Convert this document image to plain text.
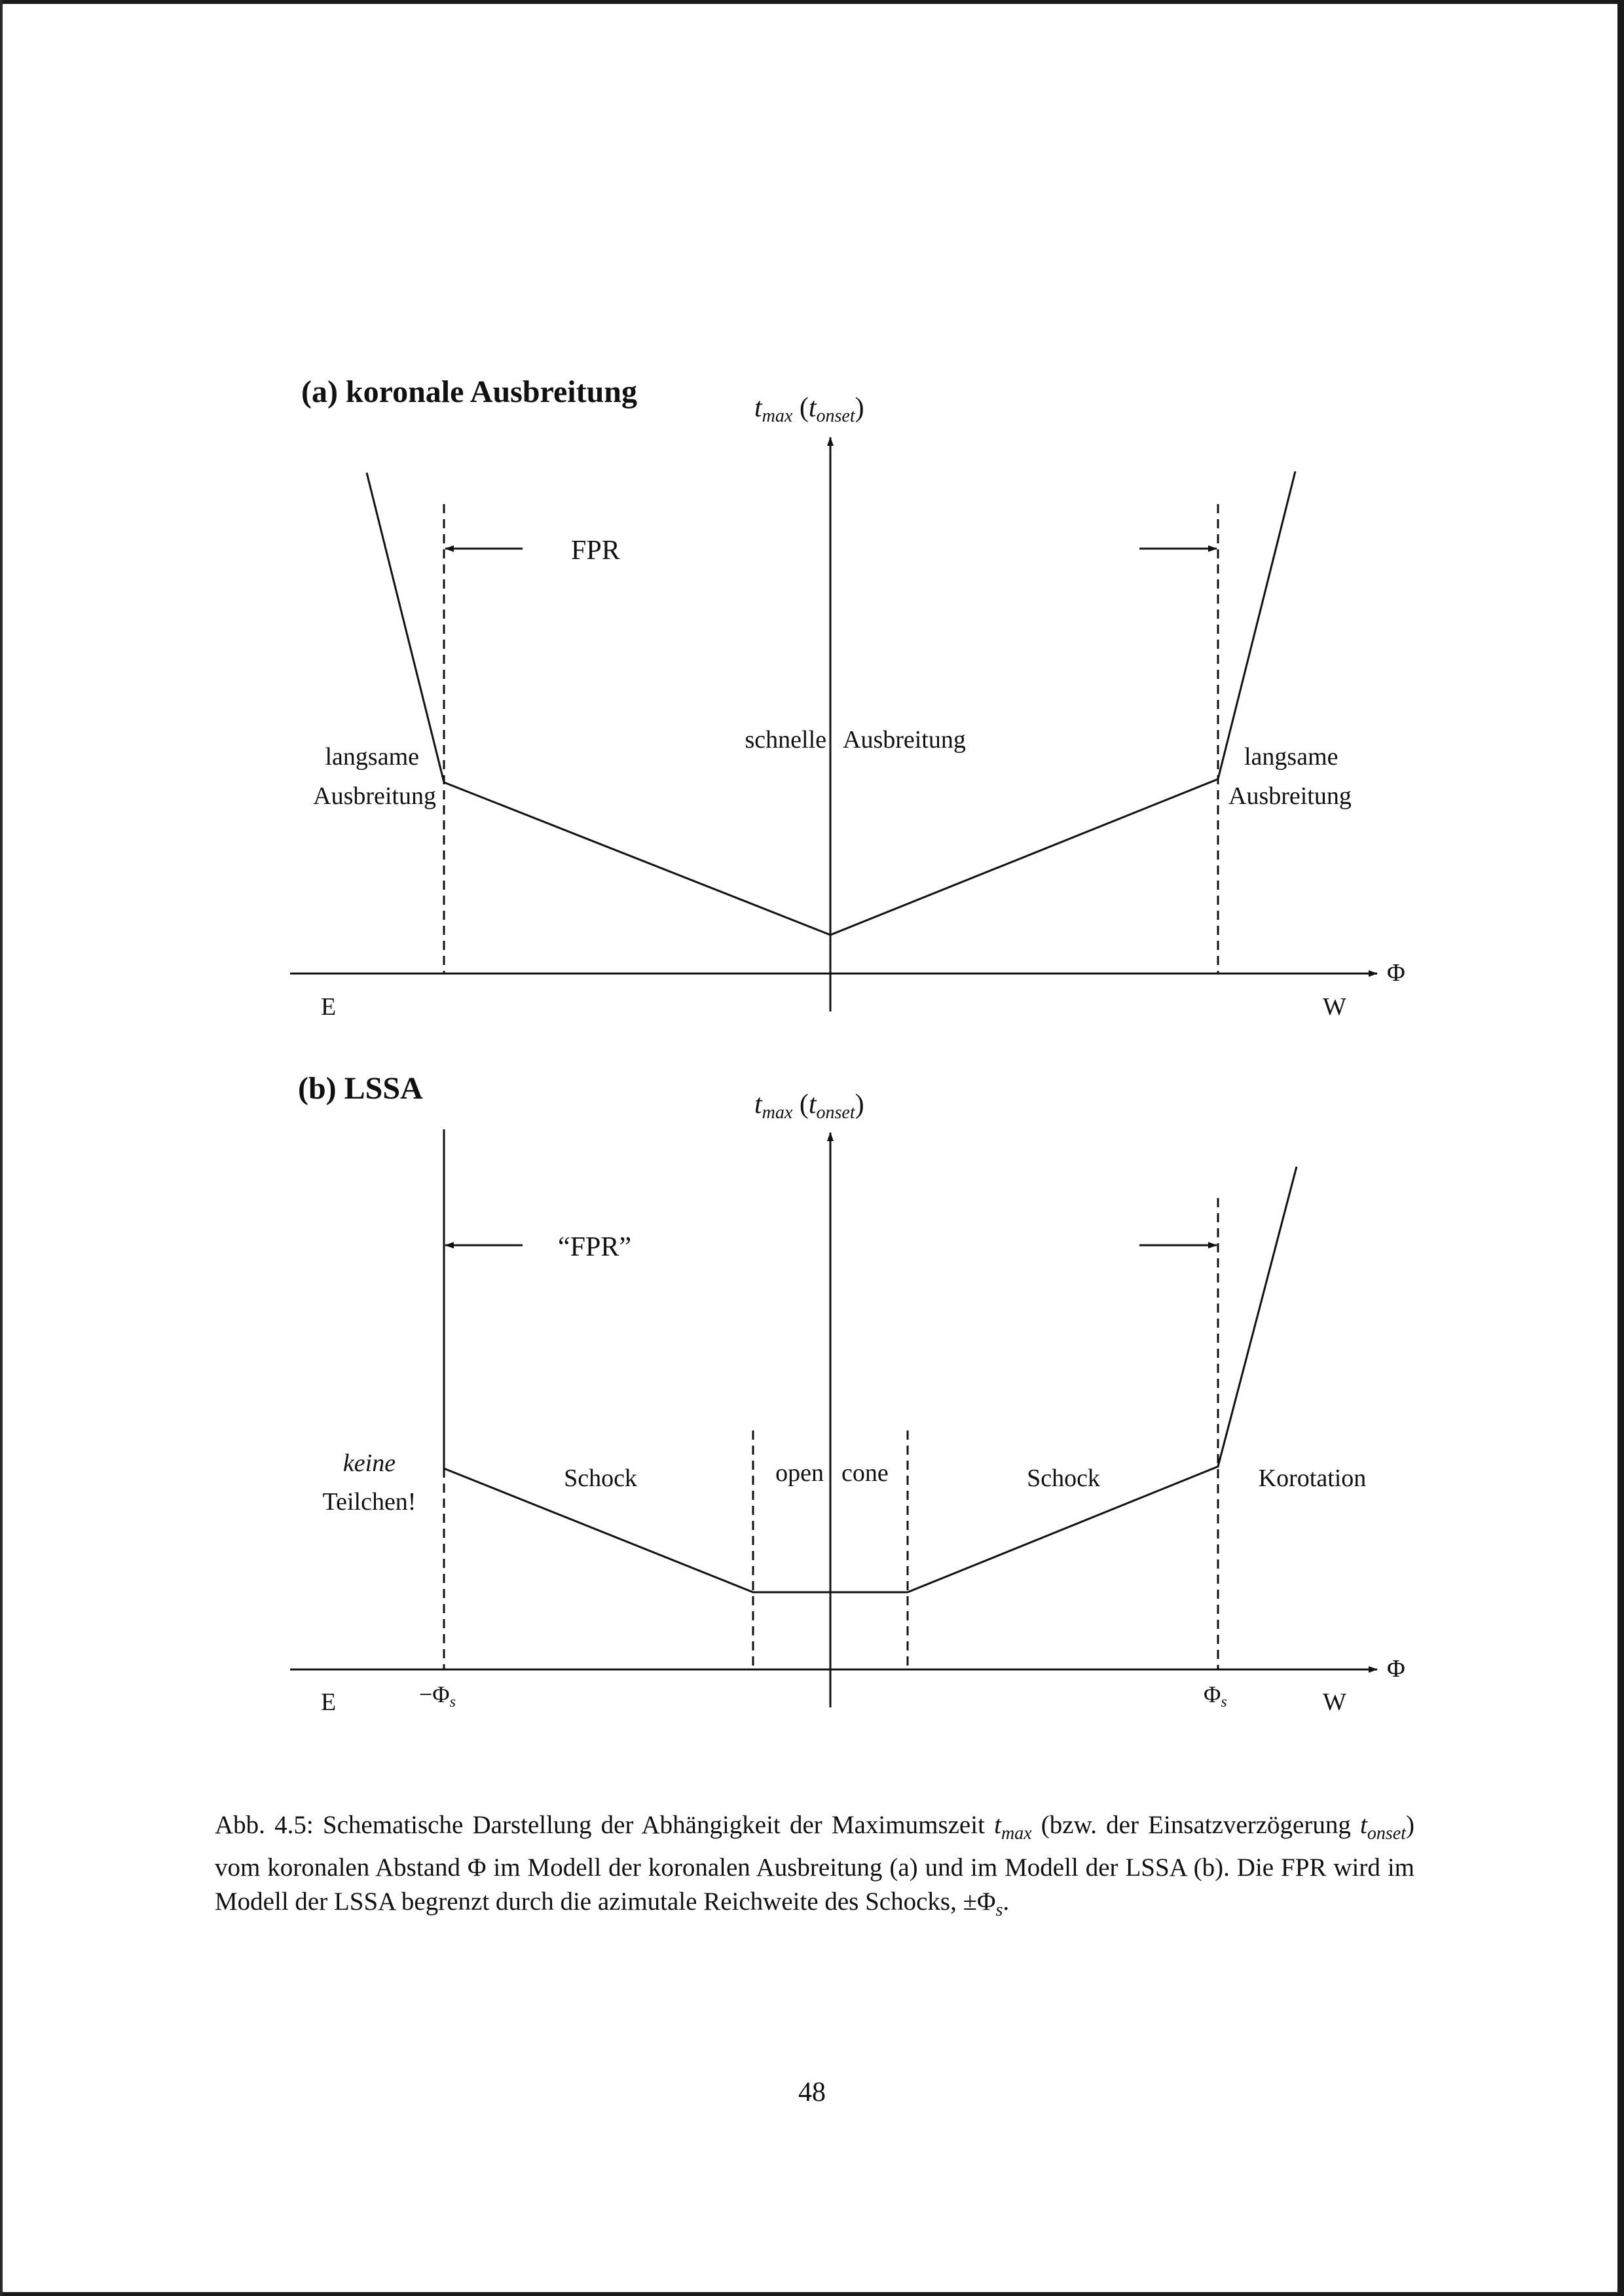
(a) koronale Ausbreitung	tmax (tonset)
Φ
E	W
FPR
langsame
Ausbreitung
schnelle Ausbreitung
langsame
Ausbreitung
(b) LSSA	tmax (tonset)
Φ
E	W
−Φs	Φs
“FPR”
keine
Teilchen!
Schock	open cone	Schock	Korotation
Abb. 4.5: Schematische Darstellung der Abhängigkeit der Maximumszeit $t_{max}$ (bzw. der Einsatzverzögerung $t_{onset}$) vom koronalen Abstand Φ im Modell der koronalen Ausbreitung (a) und im Modell der LSSA (b). Die FPR wird im Modell der LSSA begrenzt durch die azimutale Reichweite des Schocks, $\pm\Phi_s$.
48
